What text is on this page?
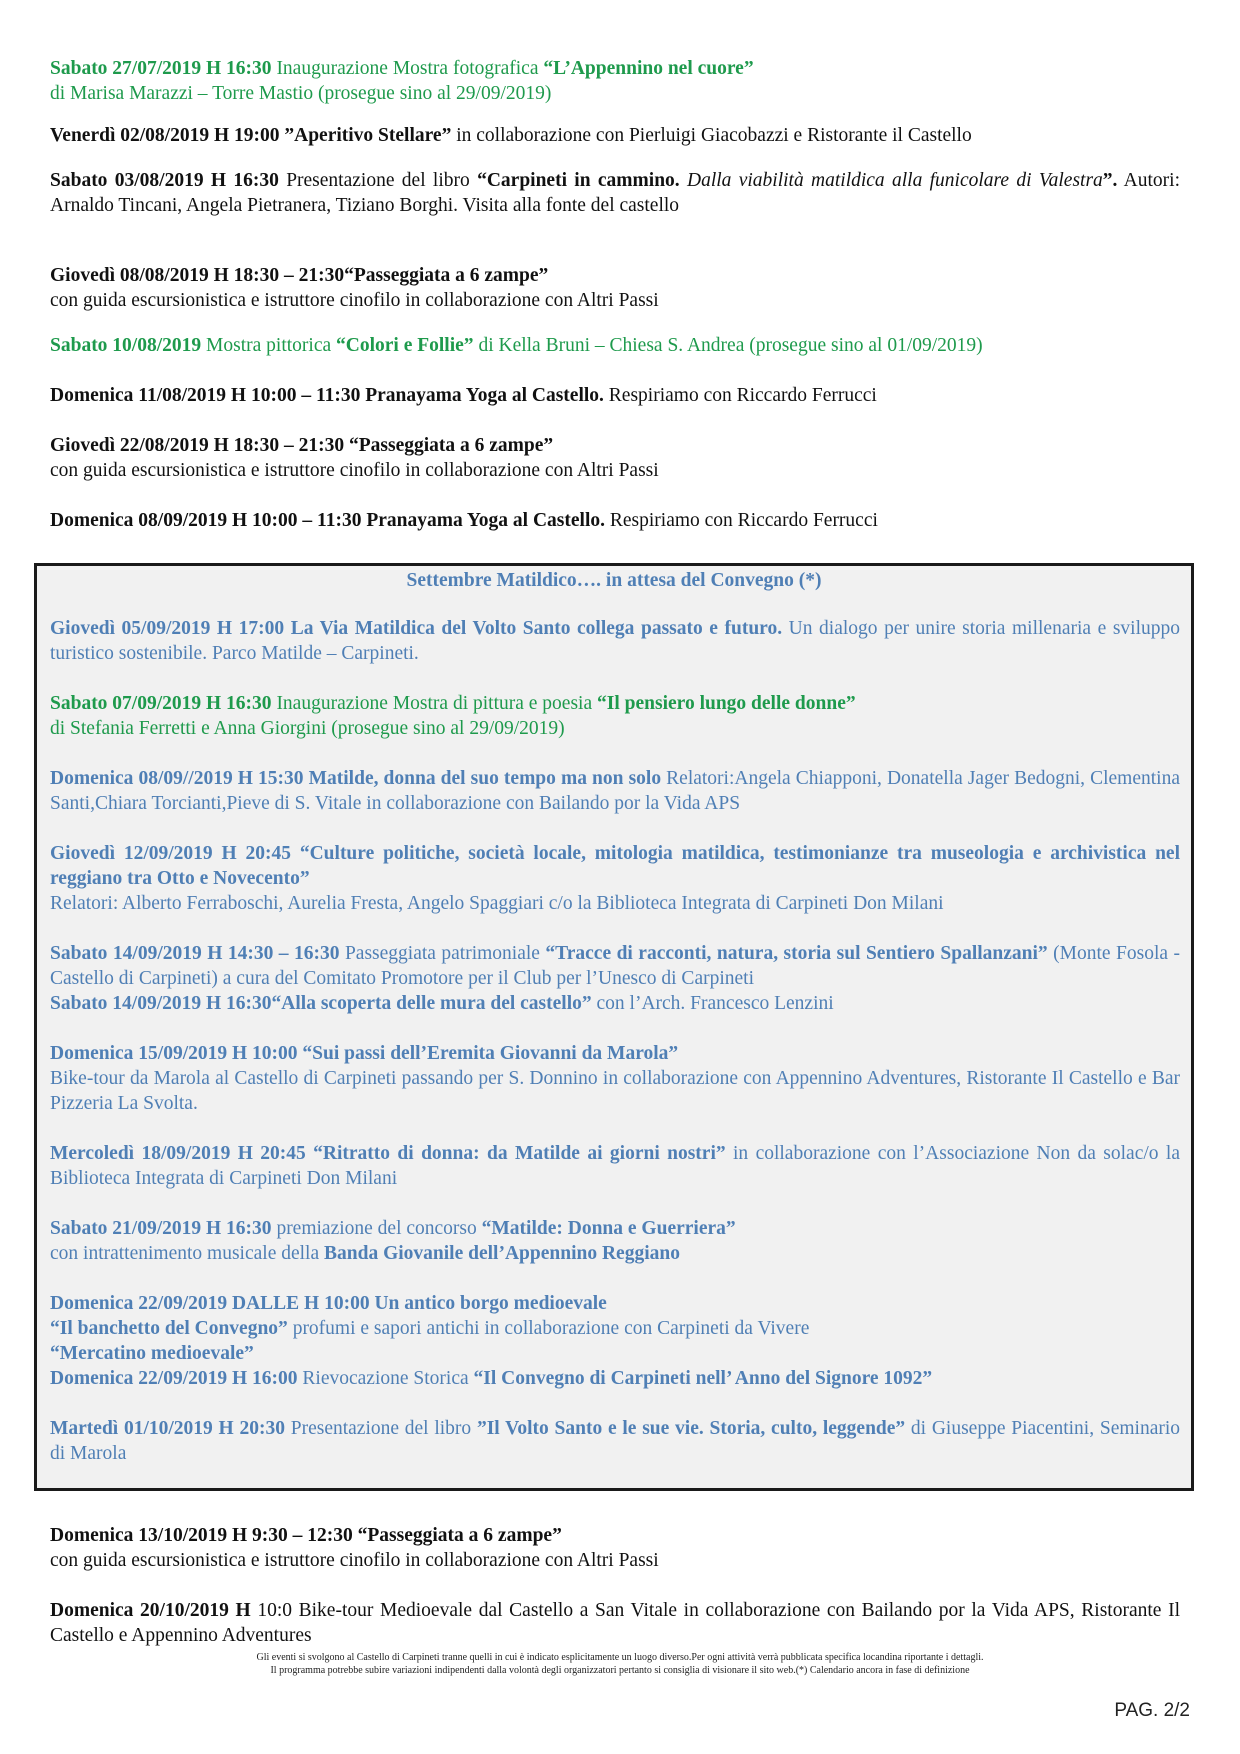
Sabato 27/07/2019 H 16:30 Inaugurazione Mostra fotografica “L’Appennino nel cuore”

di Marisa Marazzi – Torre Mastio (prosegue sino al 29/09/2019)

Venerdì 02/08/2019 H 19:00 ”Aperitivo Stellare” in collaborazione con Pierluigi Giacobazzi e Ristorante il Castello

Sabato 03/08/2019 H 16:30 Presentazione del libro “Carpineti in cammino. Dalla viabilità matildica alla funicolare di Valestra”. Autori: Arnaldo Tincani, Angela Pietranera, Tiziano Borghi. Visita alla fonte del castello

Giovedì 08/08/2019 H 18:30 – 21:30“Passeggiata a 6 zampe”

con guida escursionistica e istruttore cinofilo in collaborazione con Altri Passi

Sabato 10/08/2019 Mostra pittorica “Colori e Follie” di Kella Bruni – Chiesa S. Andrea (prosegue sino al 01/09/2019)

Domenica 11/08/2019 H 10:00 – 11:30 Pranayama Yoga al Castello. Respiriamo con Riccardo Ferrucci

Giovedì 22/08/2019 H 18:30 – 21:30 “Passeggiata a 6 zampe”

con guida escursionistica e istruttore cinofilo in collaborazione con Altri Passi

Domenica 08/09/2019 H 10:00 – 11:30 Pranayama Yoga al Castello. Respiriamo con Riccardo Ferrucci

Settembre Matildico…. in attesa del Convegno (*)

Giovedì 05/09/2019 H 17:00 La Via Matildica del Volto Santo collega passato e futuro. Un dialogo per unire storia millenaria e sviluppo turistico sostenibile. Parco Matilde – Carpineti.

Sabato 07/09/2019 H 16:30 Inaugurazione Mostra di pittura e poesia “Il pensiero lungo delle donne”

di Stefania Ferretti e Anna Giorgini (prosegue sino al 29/09/2019)

Domenica 08/09//2019 H 15:30 Matilde, donna del suo tempo ma non solo Relatori:Angela Chiapponi, Donatella Jager Bedogni, Clementina Santi,Chiara Torcianti,Pieve di S. Vitale in collaborazione con Bailando por la Vida APS

Giovedì 12/09/2019 H 20:45 “Culture politiche, società locale, mitologia matildica, testimonianze tra museologia e archivistica nel reggiano tra Otto e Novecento”

Relatori: Alberto Ferraboschi, Aurelia Fresta, Angelo Spaggiari c/o la Biblioteca Integrata di Carpineti Don Milani

Sabato 14/09/2019 H 14:30 – 16:30 Passeggiata patrimoniale “Tracce di racconti, natura, storia sul Sentiero Spallanzani” (Monte Fosola - Castello di Carpineti) a cura del Comitato Promotore per il Club per l’Unesco di Carpineti

Sabato 14/09/2019 H 16:30“Alla scoperta delle mura del castello” con l’Arch. Francesco Lenzini

Domenica 15/09/2019 H 10:00 “Sui passi dell’Eremita Giovanni da Marola”

Bike-tour da Marola al Castello di Carpineti passando per S. Donnino in collaborazione con Appennino Adventures, Ristorante Il Castello e Bar Pizzeria La Svolta.

Mercoledì 18/09/2019 H 20:45 “Ritratto di donna: da Matilde ai giorni nostri” in collaborazione con l’Associazione Non da solac/o la Biblioteca Integrata di Carpineti Don Milani

Sabato 21/09/2019 H 16:30 premiazione del concorso “Matilde: Donna e Guerriera”

con intrattenimento musicale della Banda Giovanile dell’Appennino Reggiano

Domenica 22/09/2019 DALLE H 10:00 Un antico borgo medioevale

“Il banchetto del Convegno” profumi e sapori antichi in collaborazione con Carpineti da Vivere

“Mercatino medioevale”

Domenica 22/09/2019 H 16:00 Rievocazione Storica “Il Convegno di Carpineti nell’ Anno del Signore 1092”

Martedì 01/10/2019 H 20:30 Presentazione del libro ”Il Volto Santo e le sue vie. Storia, culto, leggende” di Giuseppe Piacentini, Seminario di Marola

Domenica 13/10/2019 H 9:30 – 12:30 “Passeggiata a 6 zampe”

con guida escursionistica e istruttore cinofilo in collaborazione con Altri Passi

Domenica 20/10/2019 H 10:0 Bike-tour Medioevale dal Castello a San Vitale in collaborazione con Bailando por la Vida APS, Ristorante Il Castello e Appennino Adventures

Gli eventi si svolgono al Castello di Carpineti tranne quelli in cui è indicato esplicitamente un luogo diverso.Per ogni attività verrà pubblicata specifica locandina riportante i dettagli.
Il programma potrebbe subire variazioni indipendenti dalla volontà degli organizzatori pertanto si consiglia di visionare il sito web.(*) Calendario ancora in fase di definizione
PAG. 2/2
